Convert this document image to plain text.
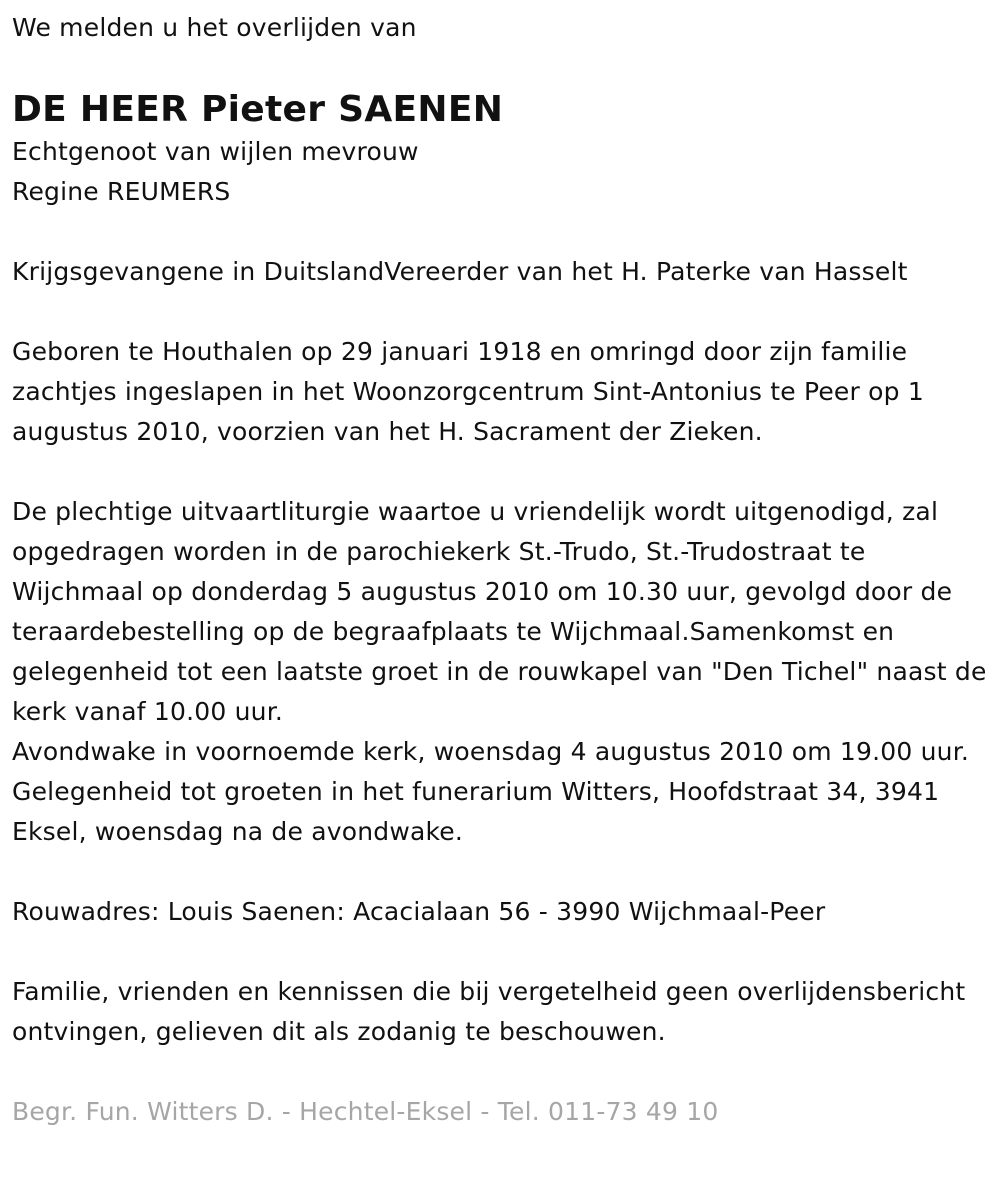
We melden u het overlijden van

DE HEER Pieter SAENEN

Echtgenoot van wijlen mevrouw

Regine REUMERS

Krijgsgevangene in DuitslandVereerder van het H. Paterke van Hasselt

Geboren te Houthalen op 29 januari 1918 en omringd door zijn familie zachtjes ingeslapen in het Woonzorgcentrum Sint-Antonius te Peer op 1 augustus 2010, voorzien van het H. Sacrament der Zieken.

De plechtige uitvaartliturgie waartoe u vriendelijk wordt uitgenodigd, zal opgedragen worden in de parochiekerk St.-Trudo, St.-Trudostraat te Wijchmaal op donderdag 5 augustus 2010 om 10.30 uur, gevolgd door de teraardebestelling op de begraafplaats te Wijchmaal.Samenkomst en gelegenheid tot een laatste groet in de rouwkapel van "Den Tichel" naast de kerk vanaf 10.00 uur.

Avondwake in voornoemde kerk, woensdag 4 augustus 2010 om 19.00 uur.

Gelegenheid tot groeten in het funerarium Witters, Hoofdstraat 34, 3941 Eksel, woensdag na de avondwake.

Rouwadres: Louis Saenen: Acacialaan 56 - 3990 Wijchmaal-Peer

Familie, vrienden en kennissen die bij vergetelheid geen overlijdensbericht ontvingen, gelieven dit als zodanig te beschouwen.

Begr. Fun. Witters D. - Hechtel-Eksel - Tel. 011-73 49 10
